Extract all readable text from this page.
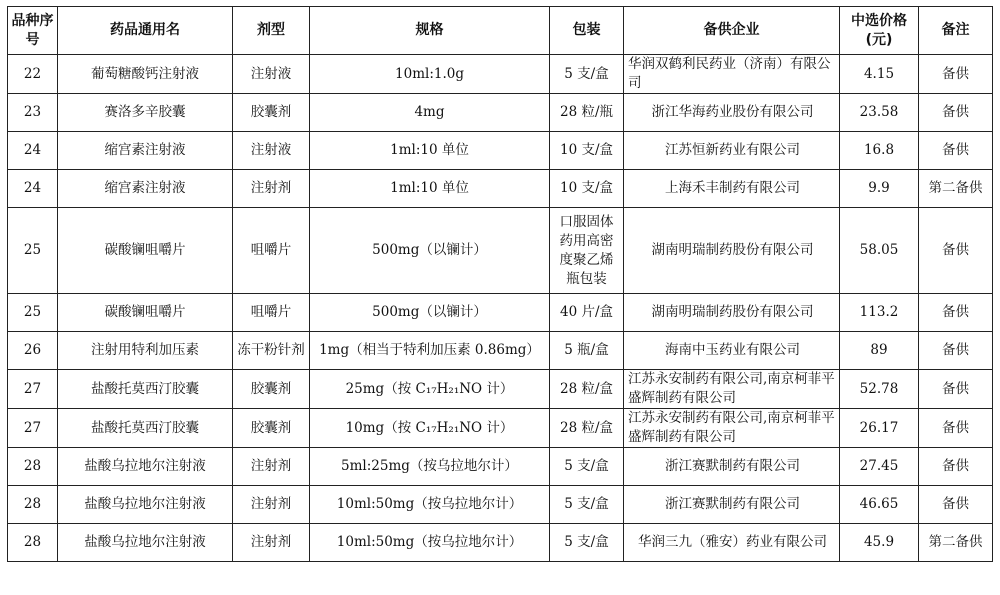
品种序号	药品通用名	剂型	规格	包装	备供企业	中选价格(元)	备注
22	葡萄糖酸钙注射液	注射液	10ml:1.0g	5 支/盒	华润双鹤利民药业（济南）有限公司	4.15	备供
23	赛洛多辛胶囊	胶囊剂	4mg	28 粒/瓶	浙江华海药业股份有限公司	23.58	备供
24	缩宫素注射液	注射液	1ml:10 单位	10 支/盒	江苏恒新药业有限公司	16.8	备供
24	缩宫素注射液	注射剂	1ml:10 单位	10 支/盒	上海禾丰制药有限公司	9.9	第二备供
25	碳酸镧咀嚼片	咀嚼片	500mg（以镧计）	口服固体药用高密度聚乙烯瓶包装	湖南明瑞制药股份有限公司	58.05	备供
25	碳酸镧咀嚼片	咀嚼片	500mg（以镧计）	40 片/盒	湖南明瑞制药股份有限公司	113.2	备供
26	注射用特利加压素	冻干粉针剂	1mg（相当于特利加压素 0.86mg）	5 瓶/盒	海南中玉药业有限公司	89	备供
27	盐酸托莫西汀胶囊	胶囊剂	25mg（按 C₁₇H₂₁NO 计）	28 粒/盒	江苏永安制药有限公司,南京柯菲平盛辉制药有限公司	52.78	备供
27	盐酸托莫西汀胶囊	胶囊剂	10mg（按 C₁₇H₂₁NO 计）	28 粒/盒	江苏永安制药有限公司,南京柯菲平盛辉制药有限公司	26.17	备供
28	盐酸乌拉地尔注射液	注射剂	5ml:25mg（按乌拉地尔计）	5 支/盒	浙江赛默制药有限公司	27.45	备供
28	盐酸乌拉地尔注射液	注射剂	10ml:50mg（按乌拉地尔计）	5 支/盒	浙江赛默制药有限公司	46.65	备供
28	盐酸乌拉地尔注射液	注射剂	10ml:50mg（按乌拉地尔计）	5 支/盒	华润三九（雅安）药业有限公司	45.9	第二备供
